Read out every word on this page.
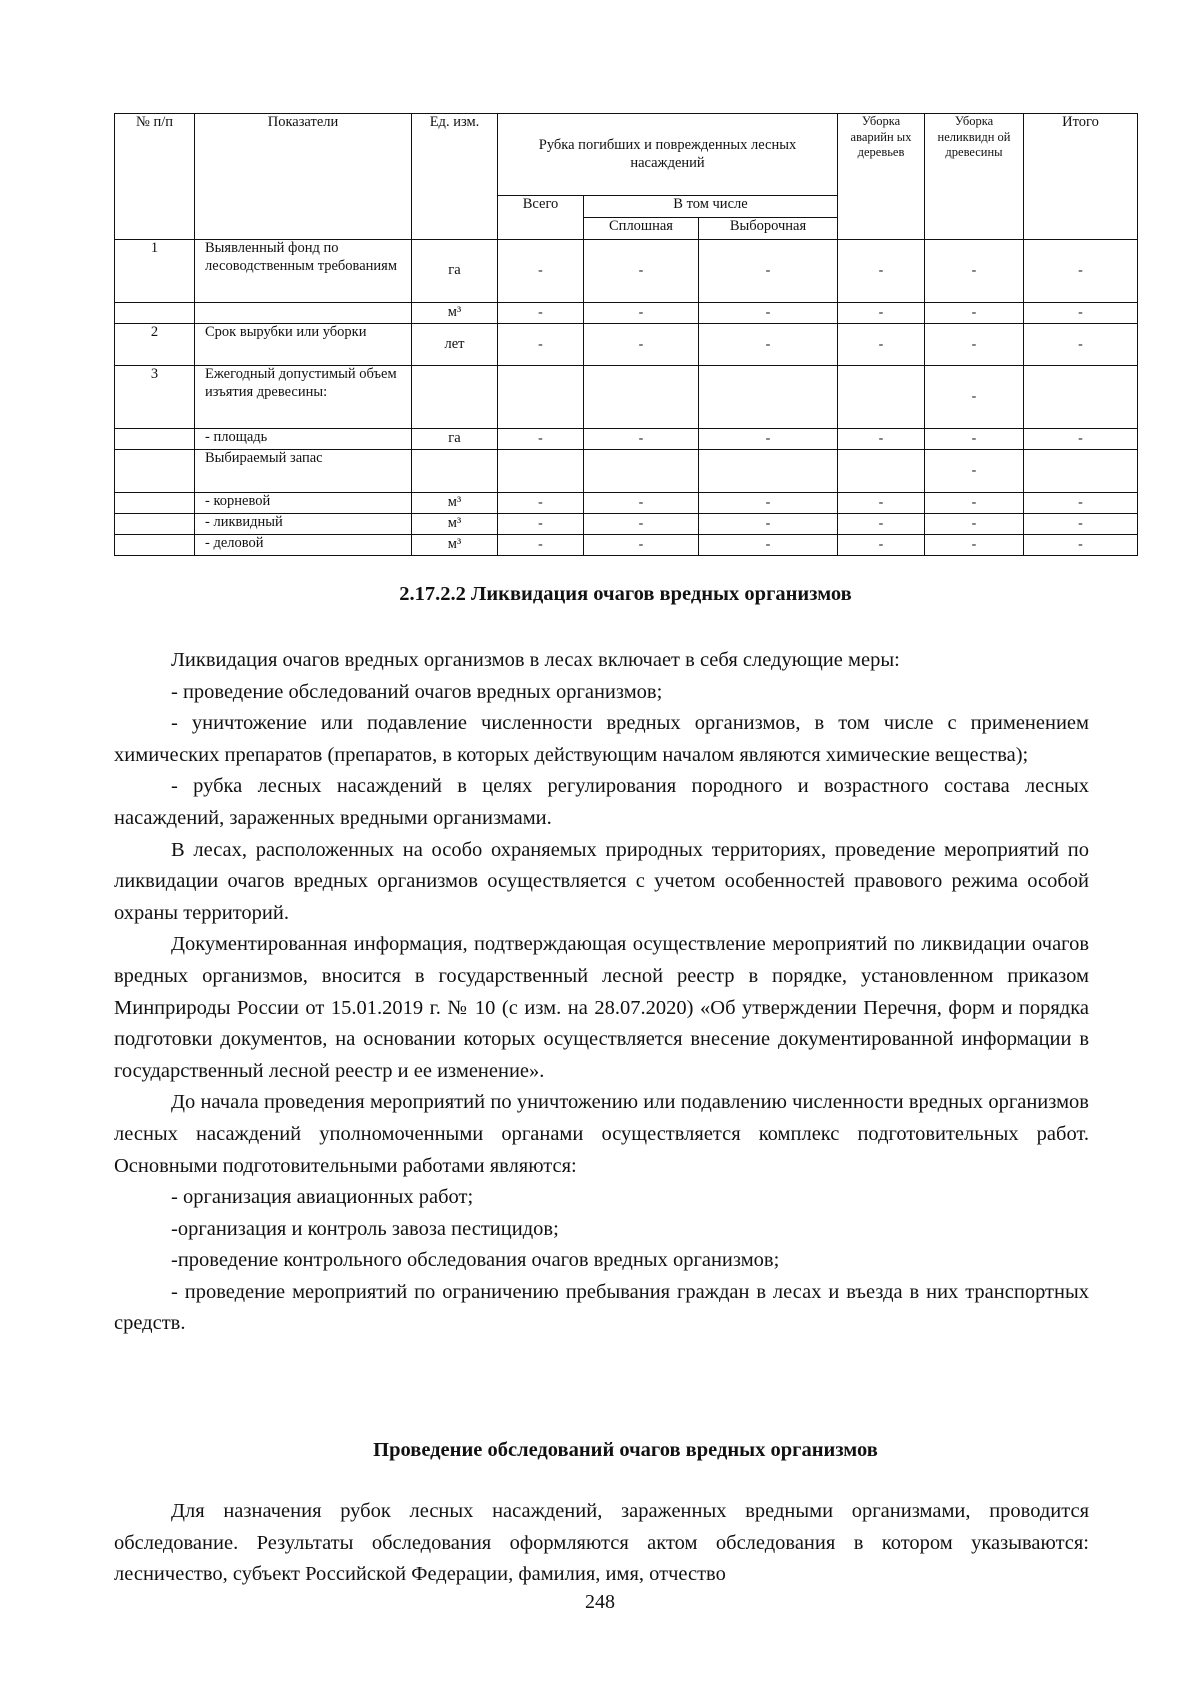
№ п/п	Показатели	Ед. изм.	Рубка погибших и поврежденных лесных насаждений			Уборка аварийн ых деревьев	Уборка неликвидн ой древесины	Итого
			Всего	В том числе				
				Сплошная	Выборочная			
1	Выявленный фонд по лесоводственным требованиям	га	-	-	-	-	-	-
		м³	-	-	-	-	-	-
2	Срок вырубки или уборки	лет	-	-	-	-	-	-
3	Ежегодный допустимый объем изъятия древесины:						-	
	- площадь	га	-	-	-	-	-	-
	Выбираемый запас						-	
	- корневой	м³	-	-	-	-	-	-
	- ликвидный	м³	-	-	-	-	-	-
	- деловой	м³	-	-	-	-	-	-
2.17.2.2 Ликвидация очагов вредных организмов

Ликвидация очагов вредных организмов в лесах включает в себя следующие меры:

- проведение обследований очагов вредных организмов;

- уничтожение или подавление численности вредных организмов, в том числе с применением химических препаратов (препаратов, в которых действующим началом являются химические вещества);

- рубка лесных насаждений в целях регулирования породного и возрастного состава лесных насаждений, зараженных вредными организмами.

В лесах, расположенных на особо охраняемых природных территориях, проведение мероприятий по ликвидации очагов вредных организмов осуществляется с учетом особенностей правового режима особой охраны территорий.

Документированная информация, подтверждающая осуществление мероприятий по ликвидации очагов вредных организмов, вносится в государственный лесной реестр в порядке, установленном приказом Минприроды России от 15.01.2019 г. № 10 (с изм. на 28.07.2020) «Об утверждении Перечня, форм и порядка подготовки документов, на основании которых осуществляется внесение документированной информации в государственный лесной реестр и ее изменение».

До начала проведения мероприятий по уничтожению или подавлению численности вредных организмов лесных насаждений уполномоченными органами осуществляется комплекс подготовительных работ. Основными подготовительными работами являются:

- организация авиационных работ;

-организация и контроль завоза пестицидов;

-проведение контрольного обследования очагов вредных организмов;

- проведение мероприятий по ограничению пребывания граждан в лесах и въезда в них транспортных средств.

Проведение обследований очагов вредных организмов

Для назначения рубок лесных насаждений, зараженных вредными организмами, проводится обследование. Результаты обследования оформляются актом обследования в котором указываются: лесничество, субъект Российской Федерации, фамилия, имя, отчество

248
